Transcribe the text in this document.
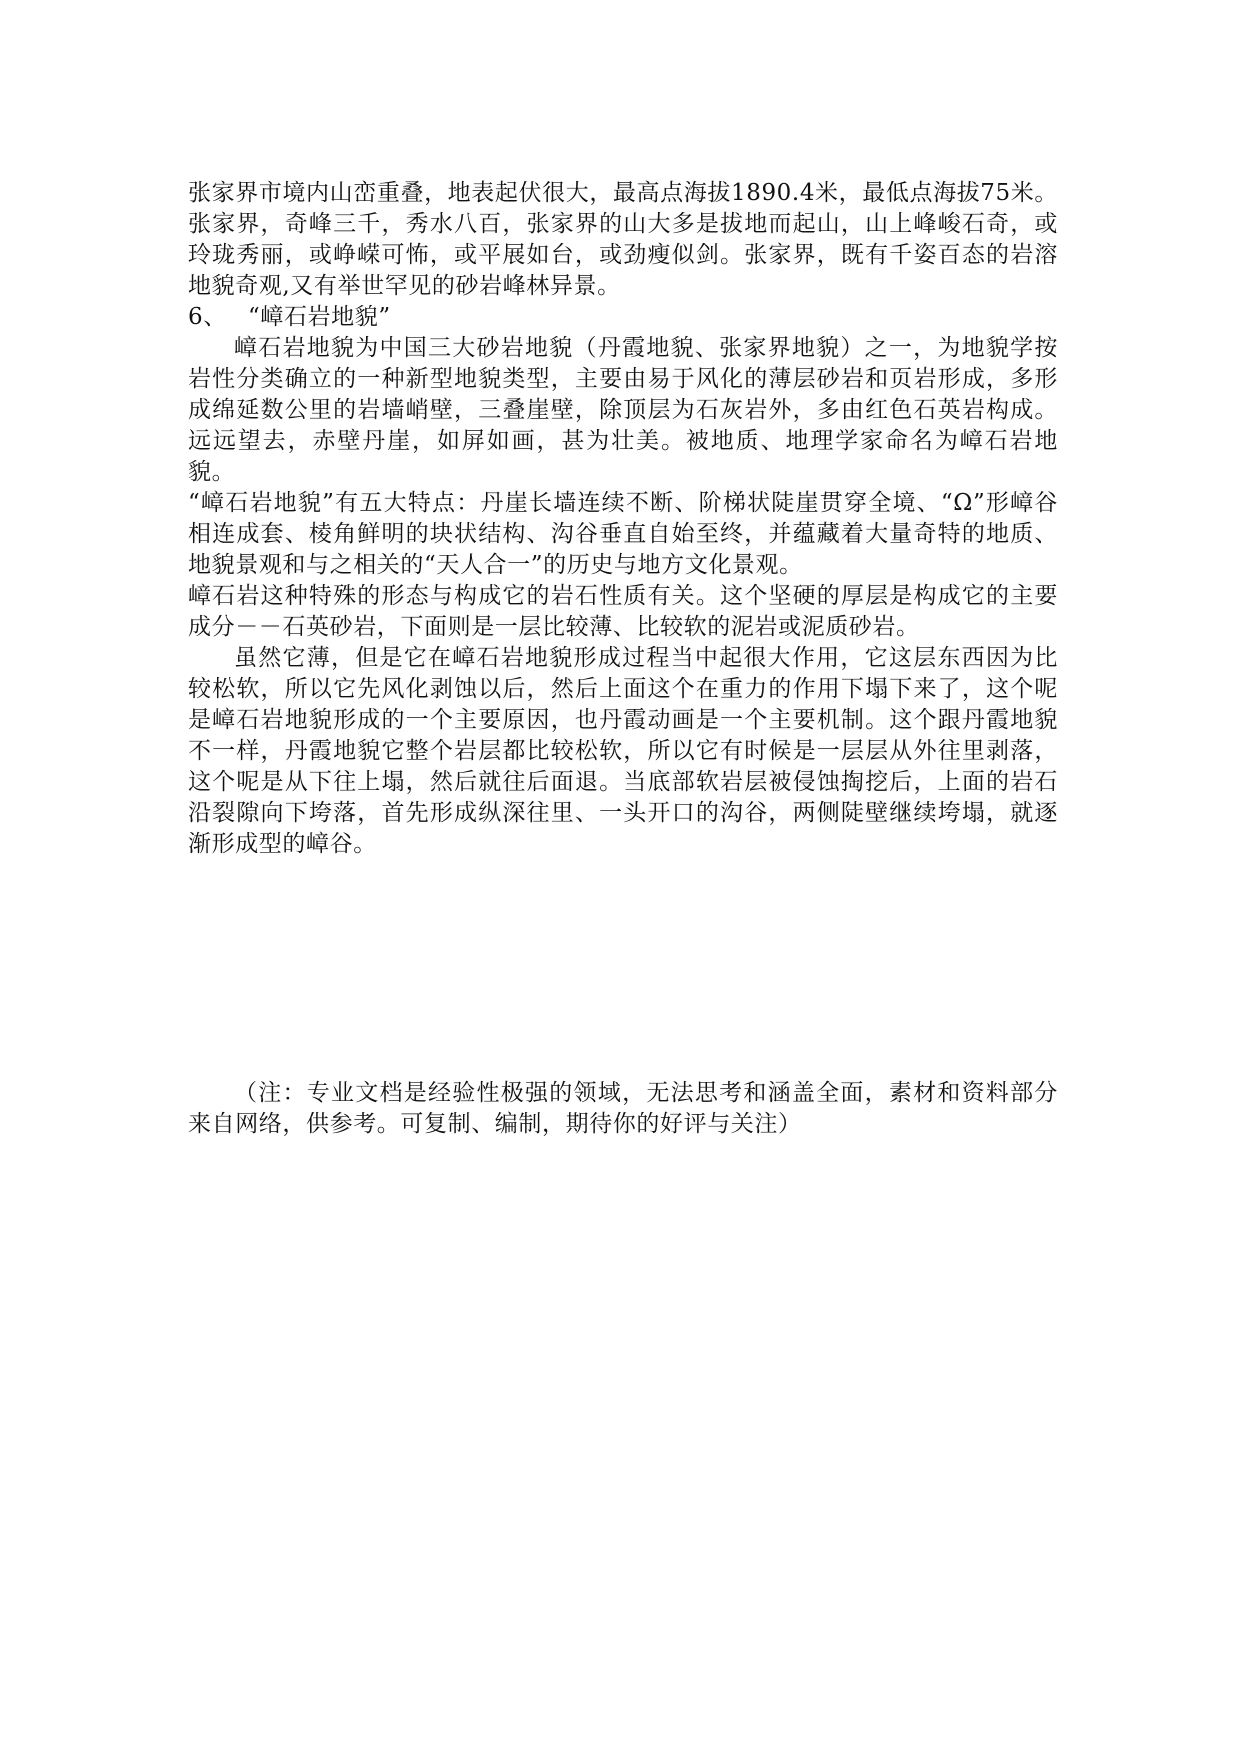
张家界市境内山峦重叠，地表起伏很大，最高点海拔1890.4米，最低点海拔75米。张家界，奇峰三千，秀水八百，张家界的山大多是拔地而起山，山上峰峻石奇，或玲珑秀丽，或峥嵘可怖，或平展如台，或劲瘦似剑。张家界，既有千姿百态的岩溶地貌奇观,又有举世罕见的砂岩峰林异景。

6、 “嶂石岩地貌”

嶂石岩地貌为中国三大砂岩地貌（丹霞地貌、张家界地貌）之一，为地貌学按岩性分类确立的一种新型地貌类型，主要由易于风化的薄层砂岩和页岩形成，多形成绵延数公里的岩墙峭壁，三叠崖壁，除顶层为石灰岩外，多由红色石英岩构成。远远望去，赤壁丹崖，如屏如画，甚为壮美。被地质、地理学家命名为嶂石岩地貌。

“嶂石岩地貌”有五大特点：丹崖长墙连续不断、阶梯状陡崖贯穿全境、“Ω”形嶂谷相连成套、棱角鲜明的块状结构、沟谷垂直自始至终，并蕴藏着大量奇特的地质、地貌景观和与之相关的“天人合一”的历史与地方文化景观。

嶂石岩这种特殊的形态与构成它的岩石性质有关。这个坚硬的厚层是构成它的主要成分－－石英砂岩，下面则是一层比较薄、比较软的泥岩或泥质砂岩。

虽然它薄，但是它在嶂石岩地貌形成过程当中起很大作用，它这层东西因为比较松软，所以它先风化剥蚀以后，然后上面这个在重力的作用下塌下来了，这个呢是嶂石岩地貌形成的一个主要原因，也丹霞动画是一个主要机制。这个跟丹霞地貌不一样，丹霞地貌它整个岩层都比较松软，所以它有时候是一层层从外往里剥落，这个呢是从下往上塌，然后就往后面退。当底部软岩层被侵蚀掏挖后，上面的岩石沿裂隙向下垮落，首先形成纵深往里、一头开口的沟谷，两侧陡壁继续垮塌，就逐渐形成型的嶂谷。

（注：专业文档是经验性极强的领域，无法思考和涵盖全面，素材和资料部分来自网络，供参考。可复制、编制，期待你的好评与关注）
